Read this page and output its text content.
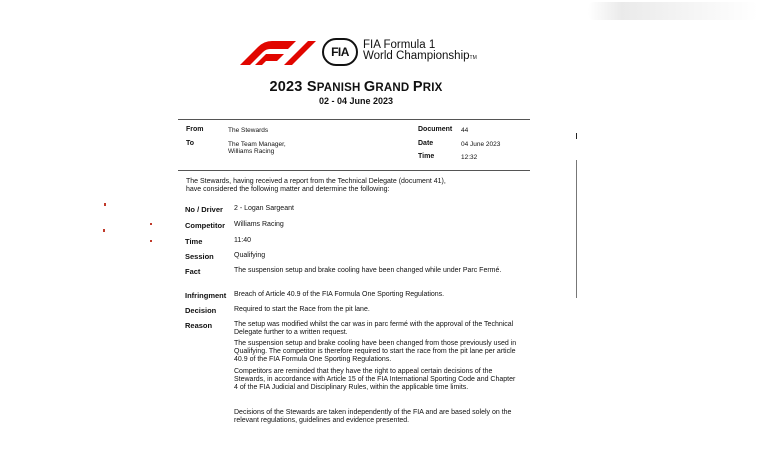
FIA FIA Formula 1
World ChampionshipTM
2023 SPANISH GRAND PRIX
02 - 04 June 2023
From	The Stewards
To	The Team Manager,
Williams Racing
Document 44
Date	04 June 2023
Time	12:32
The Stewards, having received a report from the Technical Delegate (document 41),
have considered the following matter and determine the following:
No / Driver 2 - Logan Sargeant
Competitor Williams Racing
Time	11:40
Session	Qualifying
Fact	The suspension setup and brake cooling have been changed while under Parc Fermé.
Infringment Breach of Article 40.9 of the FIA Formula One Sporting Regulations.
Decision	Required to start the Race from the pit lane.
Reason	The setup was modified whilst the car was in parc fermé with the approval of the Technical Delegate further to a written request.
The suspension setup and brake cooling have been changed from those previously used in Qualifying. The competitor is therefore required to start the race from the pit lane per article 40.9 of the FIA Formula One Sporting Regulations.
Competitors are reminded that they have the right to appeal certain decisions of the Stewards, in accordance with Article 15 of the FIA International Sporting Code and Chapter 4 of the FIA Judicial and Disciplinary Rules, within the applicable time limits.
Decisions of the Stewards are taken independently of the FIA and are based solely on the relevant regulations, guidelines and evidence presented.
